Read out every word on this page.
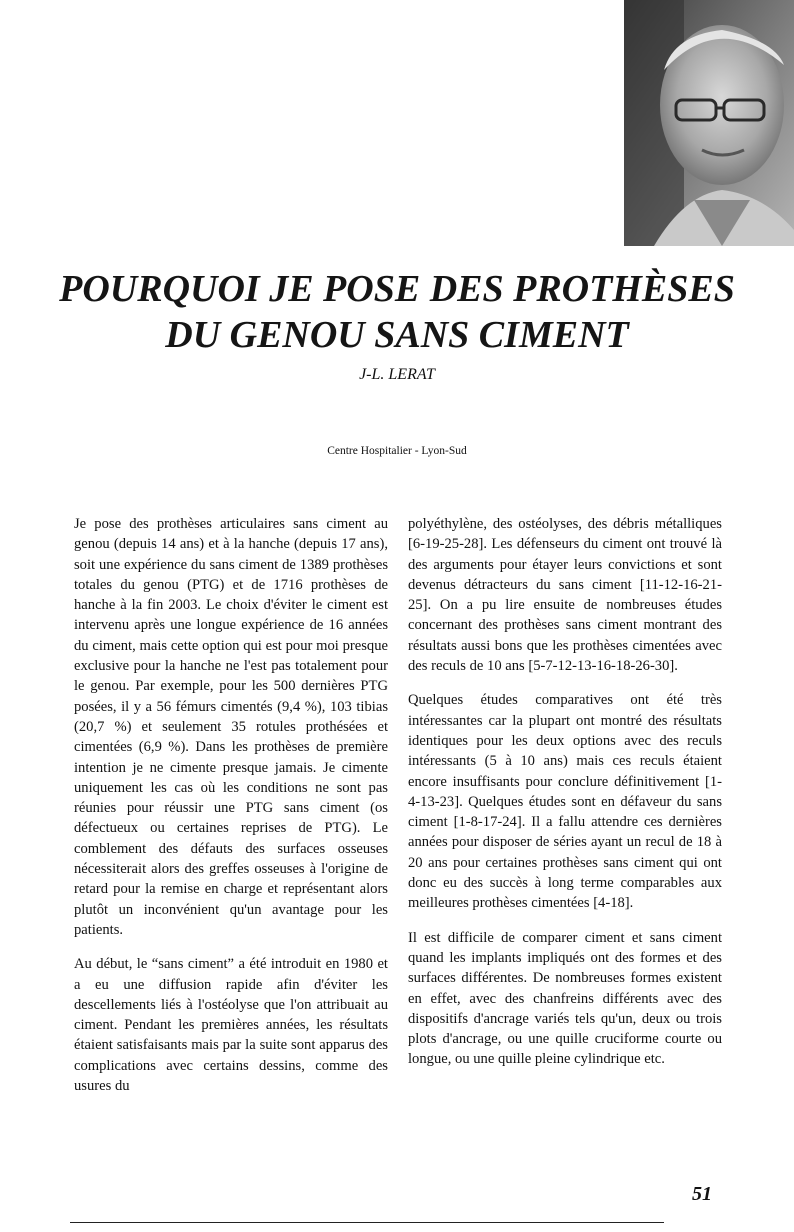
POURQUOI JE POSE DES PROTHÈSES
DU GENOU SANS CIMENT
J-L. LERAT
Centre Hospitalier - Lyon-Sud

Je pose des prothèses articulaires sans ciment au genou (depuis 14 ans) et à la hanche (depuis 17 ans), soit une expérience du sans ciment de 1389 prothèses totales du genou (PTG) et de 1716 prothèses de hanche à la fin 2003. Le choix d'éviter le ciment est intervenu après une longue expérience de 16 années du ciment, mais cette option qui est pour moi presque exclusive pour la hanche ne l'est pas totalement pour le genou. Par exemple, pour les 500 dernières PTG posées, il y a 56 fémurs cimentés (9,4 %), 103 tibias (20,7 %) et seulement 35 rotules prothésées et cimentées (6,9 %). Dans les prothèses de première intention je ne cimente presque jamais. Je cimente uniquement les cas où les conditions ne sont pas réunies pour réussir une PTG sans ciment (os défectueux ou certaines reprises de PTG). Le comblement des défauts des surfaces osseuses nécessiterait alors des greffes osseuses à l'origine de retard pour la remise en charge et représentant alors plutôt un inconvénient qu'un avantage pour les patients.

Au début, le “sans ciment” a été introduit en 1980 et a eu une diffusion rapide afin d'éviter les descellements liés à l'ostéolyse que l'on attribuait au ciment. Pendant les premières années, les résultats étaient satisfaisants mais par la suite sont apparus des complications avec certains dessins, comme des usures du

polyéthylène, des ostéolyses, des débris métalliques [6-19-25-28]. Les défenseurs du ciment ont trouvé là des arguments pour étayer leurs convictions et sont devenus détracteurs du sans ciment [11-12-16-21-25]. On a pu lire ensuite de nombreuses études concernant des prothèses sans ciment montrant des résultats aussi bons que les prothèses cimentées avec des reculs de 10 ans [5-7-12-13-16-18-26-30].

Quelques études comparatives ont été très intéressantes car la plupart ont montré des résultats identiques pour les deux options avec des reculs intéressants (5 à 10 ans) mais ces reculs étaient encore insuffisants pour conclure définitivement [1-4-13-23]. Quelques études sont en défaveur du sans ciment [1-8-17-24]. Il a fallu attendre ces dernières années pour disposer de séries ayant un recul de 18 à 20 ans pour certaines prothèses sans ciment qui ont donc eu des succès à long terme comparables aux meilleures prothèses cimentées [4-18].

Il est difficile de comparer ciment et sans ciment quand les implants impliqués ont des formes et des surfaces différentes. De nombreuses formes existent en effet, avec des chanfreins différents avec des dispositifs d'ancrage variés tels qu'un, deux ou trois plots d'ancrage, ou une quille cruciforme courte ou longue, ou une quille pleine cylindrique etc.

51
